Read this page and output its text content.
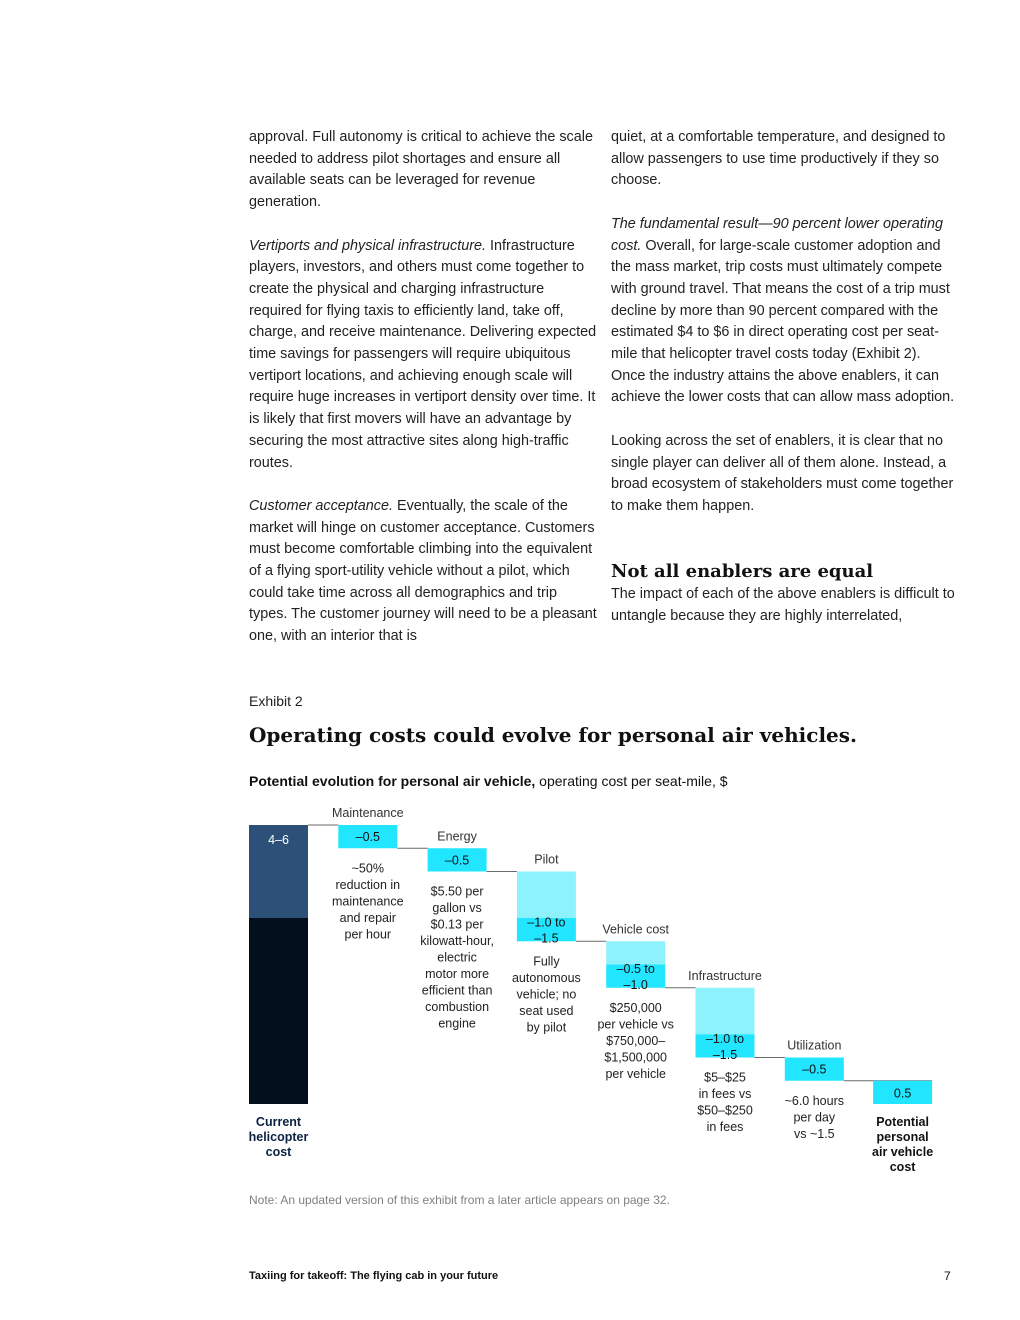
approval. Full autonomy is critical to achieve the scale needed to address pilot shortages and ensure all available seats can be leveraged for revenue generation.

Vertiports and physical infrastructure. Infrastructure players, investors, and others must come together to create the physical and charging infrastructure required for flying taxis to efficiently land, take off, charge, and receive maintenance. Delivering expected time savings for passengers will require ubiquitous vertiport locations, and achieving enough scale will require huge increases in vertiport density over time. It is likely that first movers will have an advantage by securing the most attractive sites along high-traffic routes.

Customer acceptance. Eventually, the scale of the market will hinge on customer acceptance. Customers must become comfortable climbing into the equivalent of a flying sport-utility vehicle without a pilot, which could take time across all demographics and trip types. The customer journey will need to be a pleasant one, with an interior that is

quiet, at a comfortable temperature, and designed to allow passengers to use time productively if they so choose.

The fundamental result—90 percent lower operating cost. Overall, for large-scale customer adoption and the mass market, trip costs must ultimately compete with ground travel. That means the cost of a trip must decline by more than 90 percent compared with the estimated $4 to $6 in direct operating cost per seat-mile that helicopter travel costs today (Exhibit 2). Once the industry attains the above enablers, it can achieve the lower costs that can allow mass adoption.

Looking across the set of enablers, it is clear that no single player can deliver all of them alone. Instead, a broad ecosystem of stakeholders must come together to make them happen.

Not all enablers are equal

The impact of each of the above enablers is difficult to untangle because they are highly interrelated,

Exhibit 2
Operating costs could evolve for personal air vehicles.
Potential evolution for personal air vehicle, operating cost per seat-mile, $
4–6
Current
helicopter
cost
Maintenance
–0.5
~50%
reduction in
maintenance
and repair
per hour
Energy
–0.5
$5.50 per
gallon vs
$0.13 per
kilowatt-hour,
electric
motor more
efficient than
combustion
engine
Pilot
–1.0 to
–1.5
Fully
autonomous
vehicle; no
seat used
by pilot
Vehicle cost
–0.5 to
–1.0
$250,000
per vehicle vs
$750,000–
$1,500,000
per vehicle
Infrastructure
–1.0 to
–1.5
$5–$25
in fees vs
$50–$250
in fees
Utilization
–0.5
~6.0 hours
per day
vs ~1.5
0.5
Potential
personal
air vehicle
cost
Note: An updated version of this exhibit from a later article appears on page 32.
Taxiing for takeoff: The flying cab in your future	7
